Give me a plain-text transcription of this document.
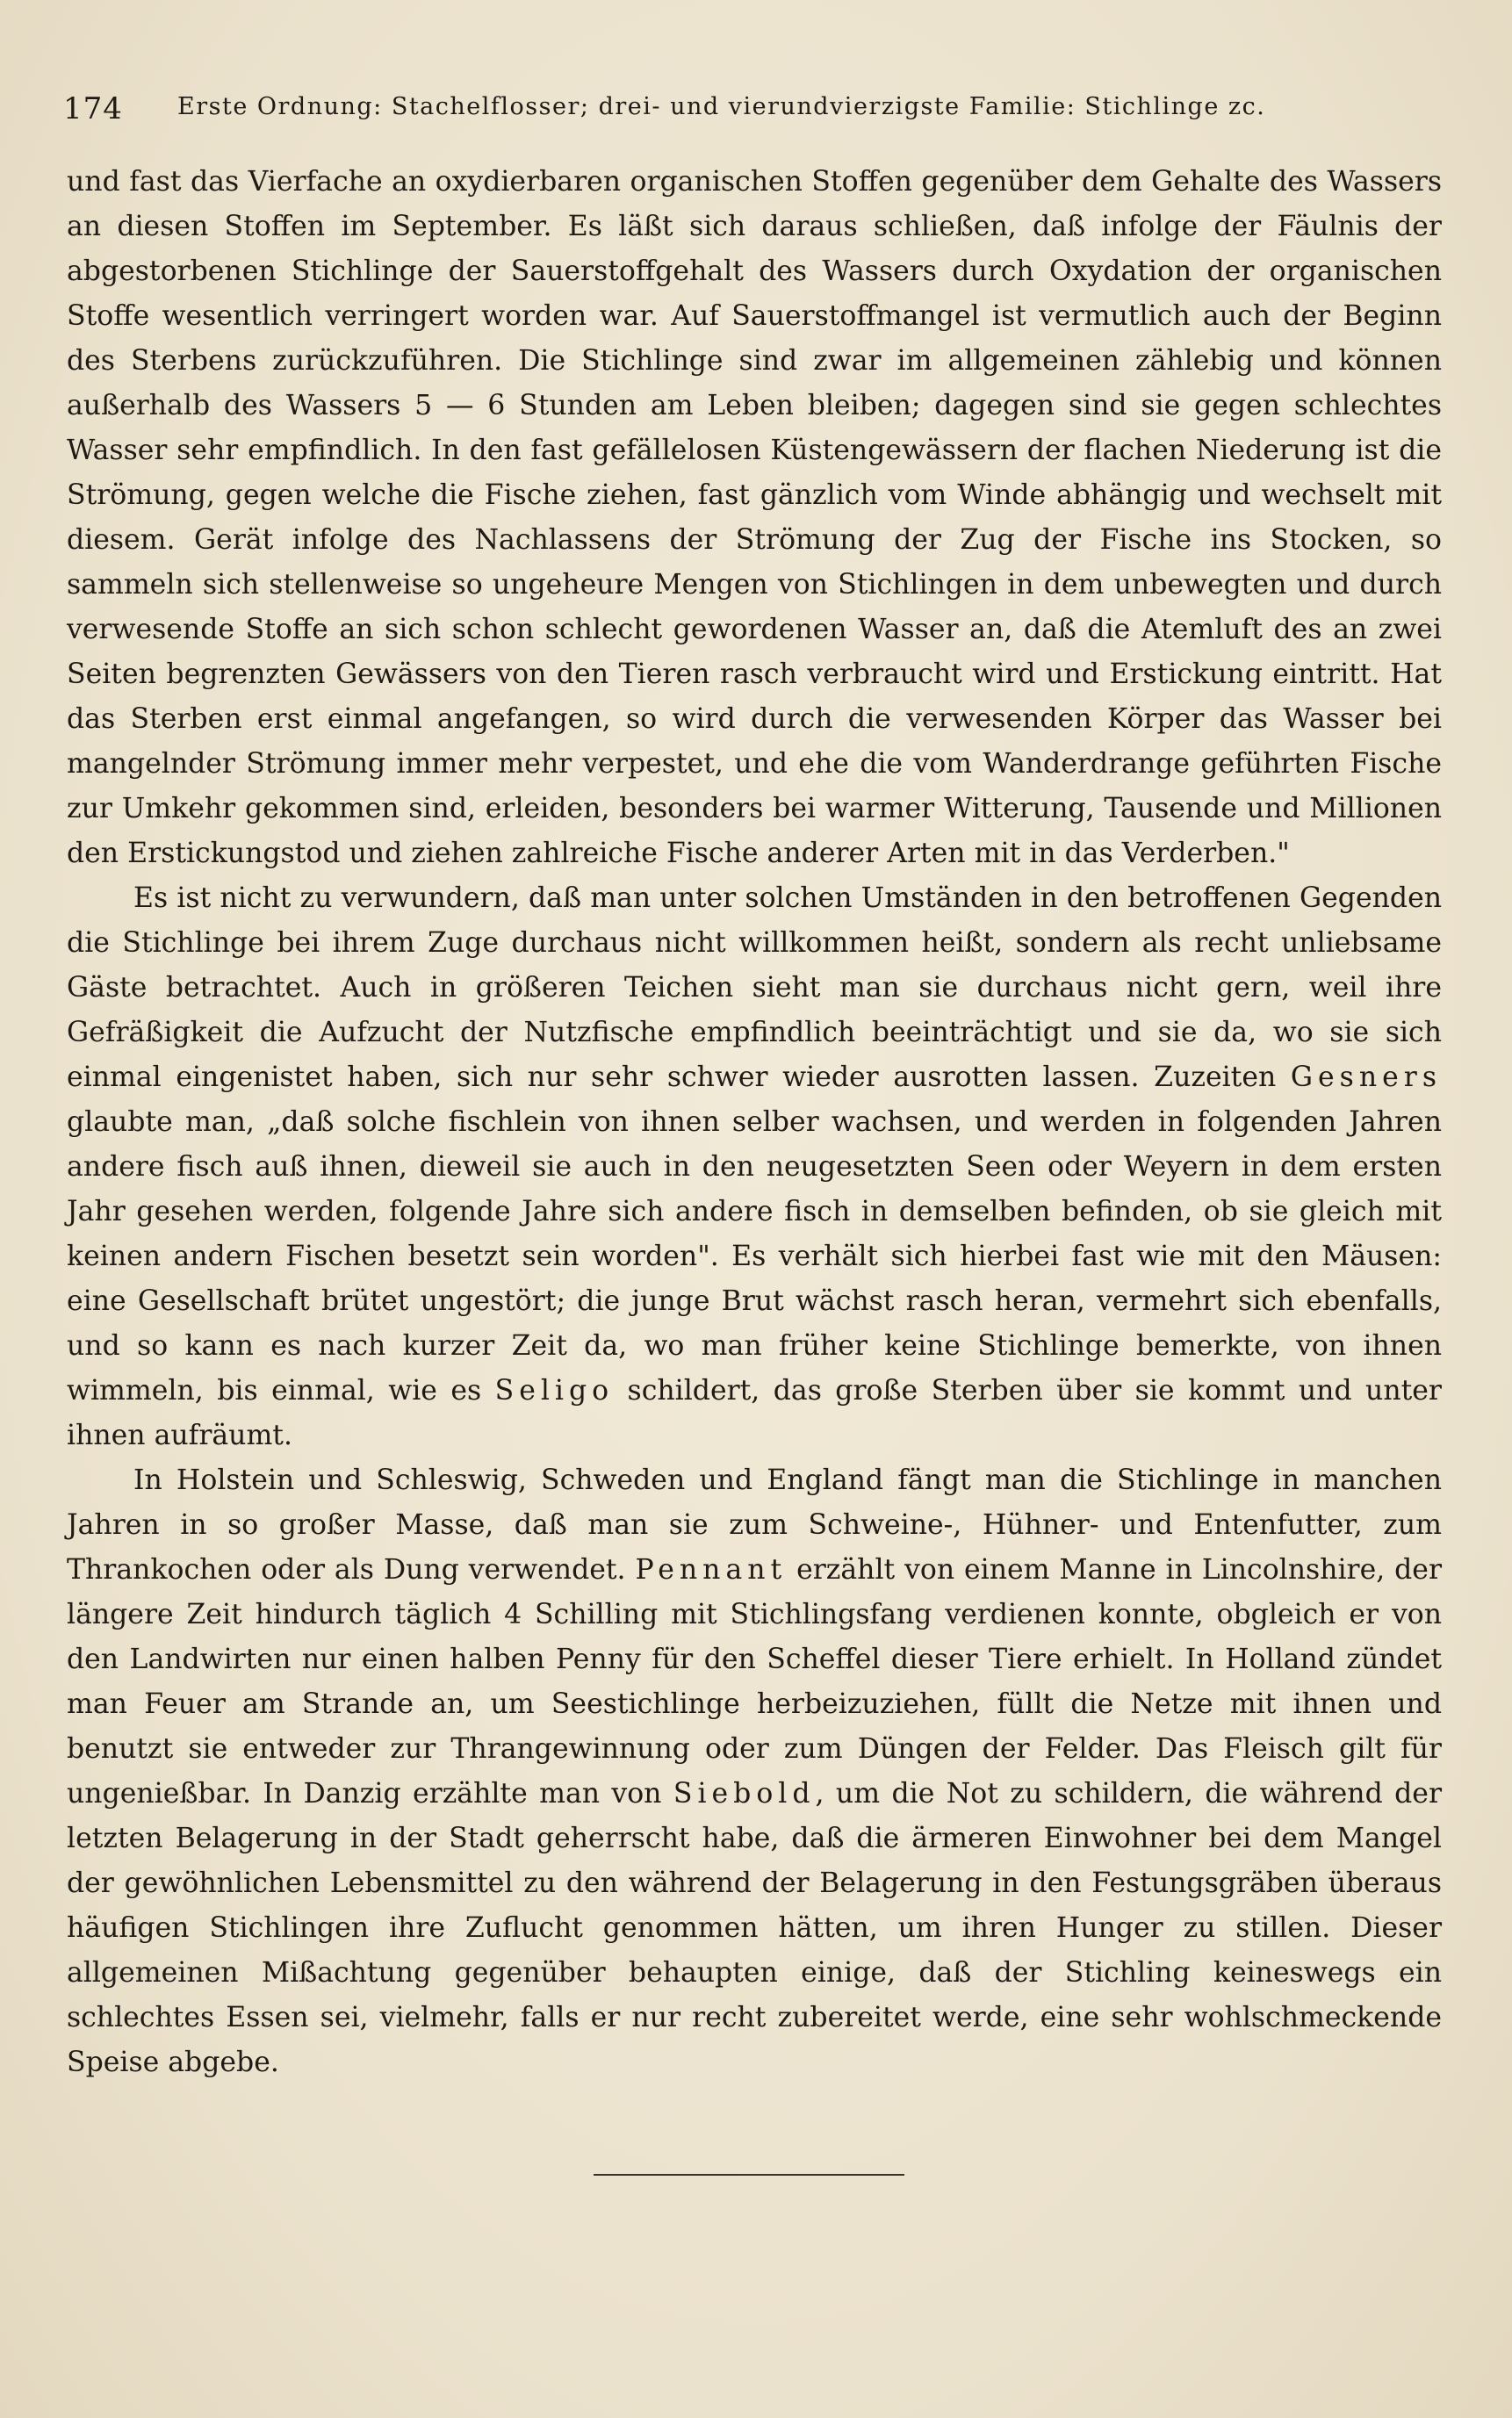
174 Erste Ordnung: Stachelflosser; drei- und vierundvierzigste Familie: Stichlinge zc.

und fast das Vierfache an oxydierbaren organischen Stoffen gegenüber dem Gehalte des Wassers an diesen Stoffen im September. Es läßt sich daraus schließen, daß infolge der Fäulnis der abgestorbenen Stichlinge der Sauerstoffgehalt des Wassers durch Oxydation der organischen Stoffe wesentlich verringert worden war. Auf Sauerstoffmangel ist vermutlich auch der Beginn des Sterbens zurückzuführen. Die Stichlinge sind zwar im allgemeinen zählebig und können außerhalb des Wassers 5 — 6 Stunden am Leben bleiben; dagegen sind sie gegen schlechtes Wasser sehr empfindlich. In den fast gefällelosen Küstengewässern der flachen Niederung ist die Strömung, gegen welche die Fische ziehen, fast gänzlich vom Winde abhängig und wechselt mit diesem. Gerät infolge des Nachlassens der Strömung der Zug der Fische ins Stocken, so sammeln sich stellenweise so ungeheure Mengen von Stichlingen in dem unbewegten und durch verwesende Stoffe an sich schon schlecht gewordenen Wasser an, daß die Atemluft des an zwei Seiten begrenzten Gewässers von den Tieren rasch verbraucht wird und Erstickung eintritt. Hat das Sterben erst einmal angefangen, so wird durch die verwesenden Körper das Wasser bei mangelnder Strömung immer mehr verpestet, und ehe die vom Wanderdrange geführten Fische zur Umkehr gekommen sind, erleiden, besonders bei warmer Witterung, Tausende und Millionen den Erstickungstod und ziehen zahlreiche Fische anderer Arten mit in das Verderben."

Es ist nicht zu verwundern, daß man unter solchen Umständen in den betroffenen Gegenden die Stichlinge bei ihrem Zuge durchaus nicht willkommen heißt, sondern als recht unliebsame Gäste betrachtet. Auch in größeren Teichen sieht man sie durchaus nicht gern, weil ihre Gefräßigkeit die Aufzucht der Nutzfische empfindlich beeinträchtigt und sie da, wo sie sich einmal eingenistet haben, sich nur sehr schwer wieder ausrotten lassen. Zuzeiten Gesners glaubte man, „daß solche fischlein von ihnen selber wachsen, und werden in folgenden Jahren andere fisch auß ihnen, dieweil sie auch in den neugesetzten Seen oder Weyern in dem ersten Jahr gesehen werden, folgende Jahre sich andere fisch in demselben befinden, ob sie gleich mit keinen andern Fischen besetzt sein worden". Es verhält sich hierbei fast wie mit den Mäusen: eine Gesellschaft brütet ungestört; die junge Brut wächst rasch heran, vermehrt sich ebenfalls, und so kann es nach kurzer Zeit da, wo man früher keine Stichlinge bemerkte, von ihnen wimmeln, bis einmal, wie es Seligo schildert, das große Sterben über sie kommt und unter ihnen aufräumt.

In Holstein und Schleswig, Schweden und England fängt man die Stichlinge in manchen Jahren in so großer Masse, daß man sie zum Schweine-, Hühner- und Entenfutter, zum Thrankochen oder als Dung verwendet. Pennant erzählt von einem Manne in Lincolnshire, der längere Zeit hindurch täglich 4 Schilling mit Stichlingsfang verdienen konnte, obgleich er von den Landwirten nur einen halben Penny für den Scheffel dieser Tiere erhielt. In Holland zündet man Feuer am Strande an, um Seestichlinge herbeizuziehen, füllt die Netze mit ihnen und benutzt sie entweder zur Thrangewinnung oder zum Düngen der Felder. Das Fleisch gilt für ungenießbar. In Danzig erzählte man von Siebold, um die Not zu schildern, die während der letzten Belagerung in der Stadt geherrscht habe, daß die ärmeren Einwohner bei dem Mangel der gewöhnlichen Lebensmittel zu den während der Belagerung in den Festungsgräben überaus häufigen Stichlingen ihre Zuflucht genommen hätten, um ihren Hunger zu stillen. Dieser allgemeinen Mißachtung gegenüber behaupten einige, daß der Stichling keineswegs ein schlechtes Essen sei, vielmehr, falls er nur recht zubereitet werde, eine sehr wohlschmeckende Speise abgebe.
